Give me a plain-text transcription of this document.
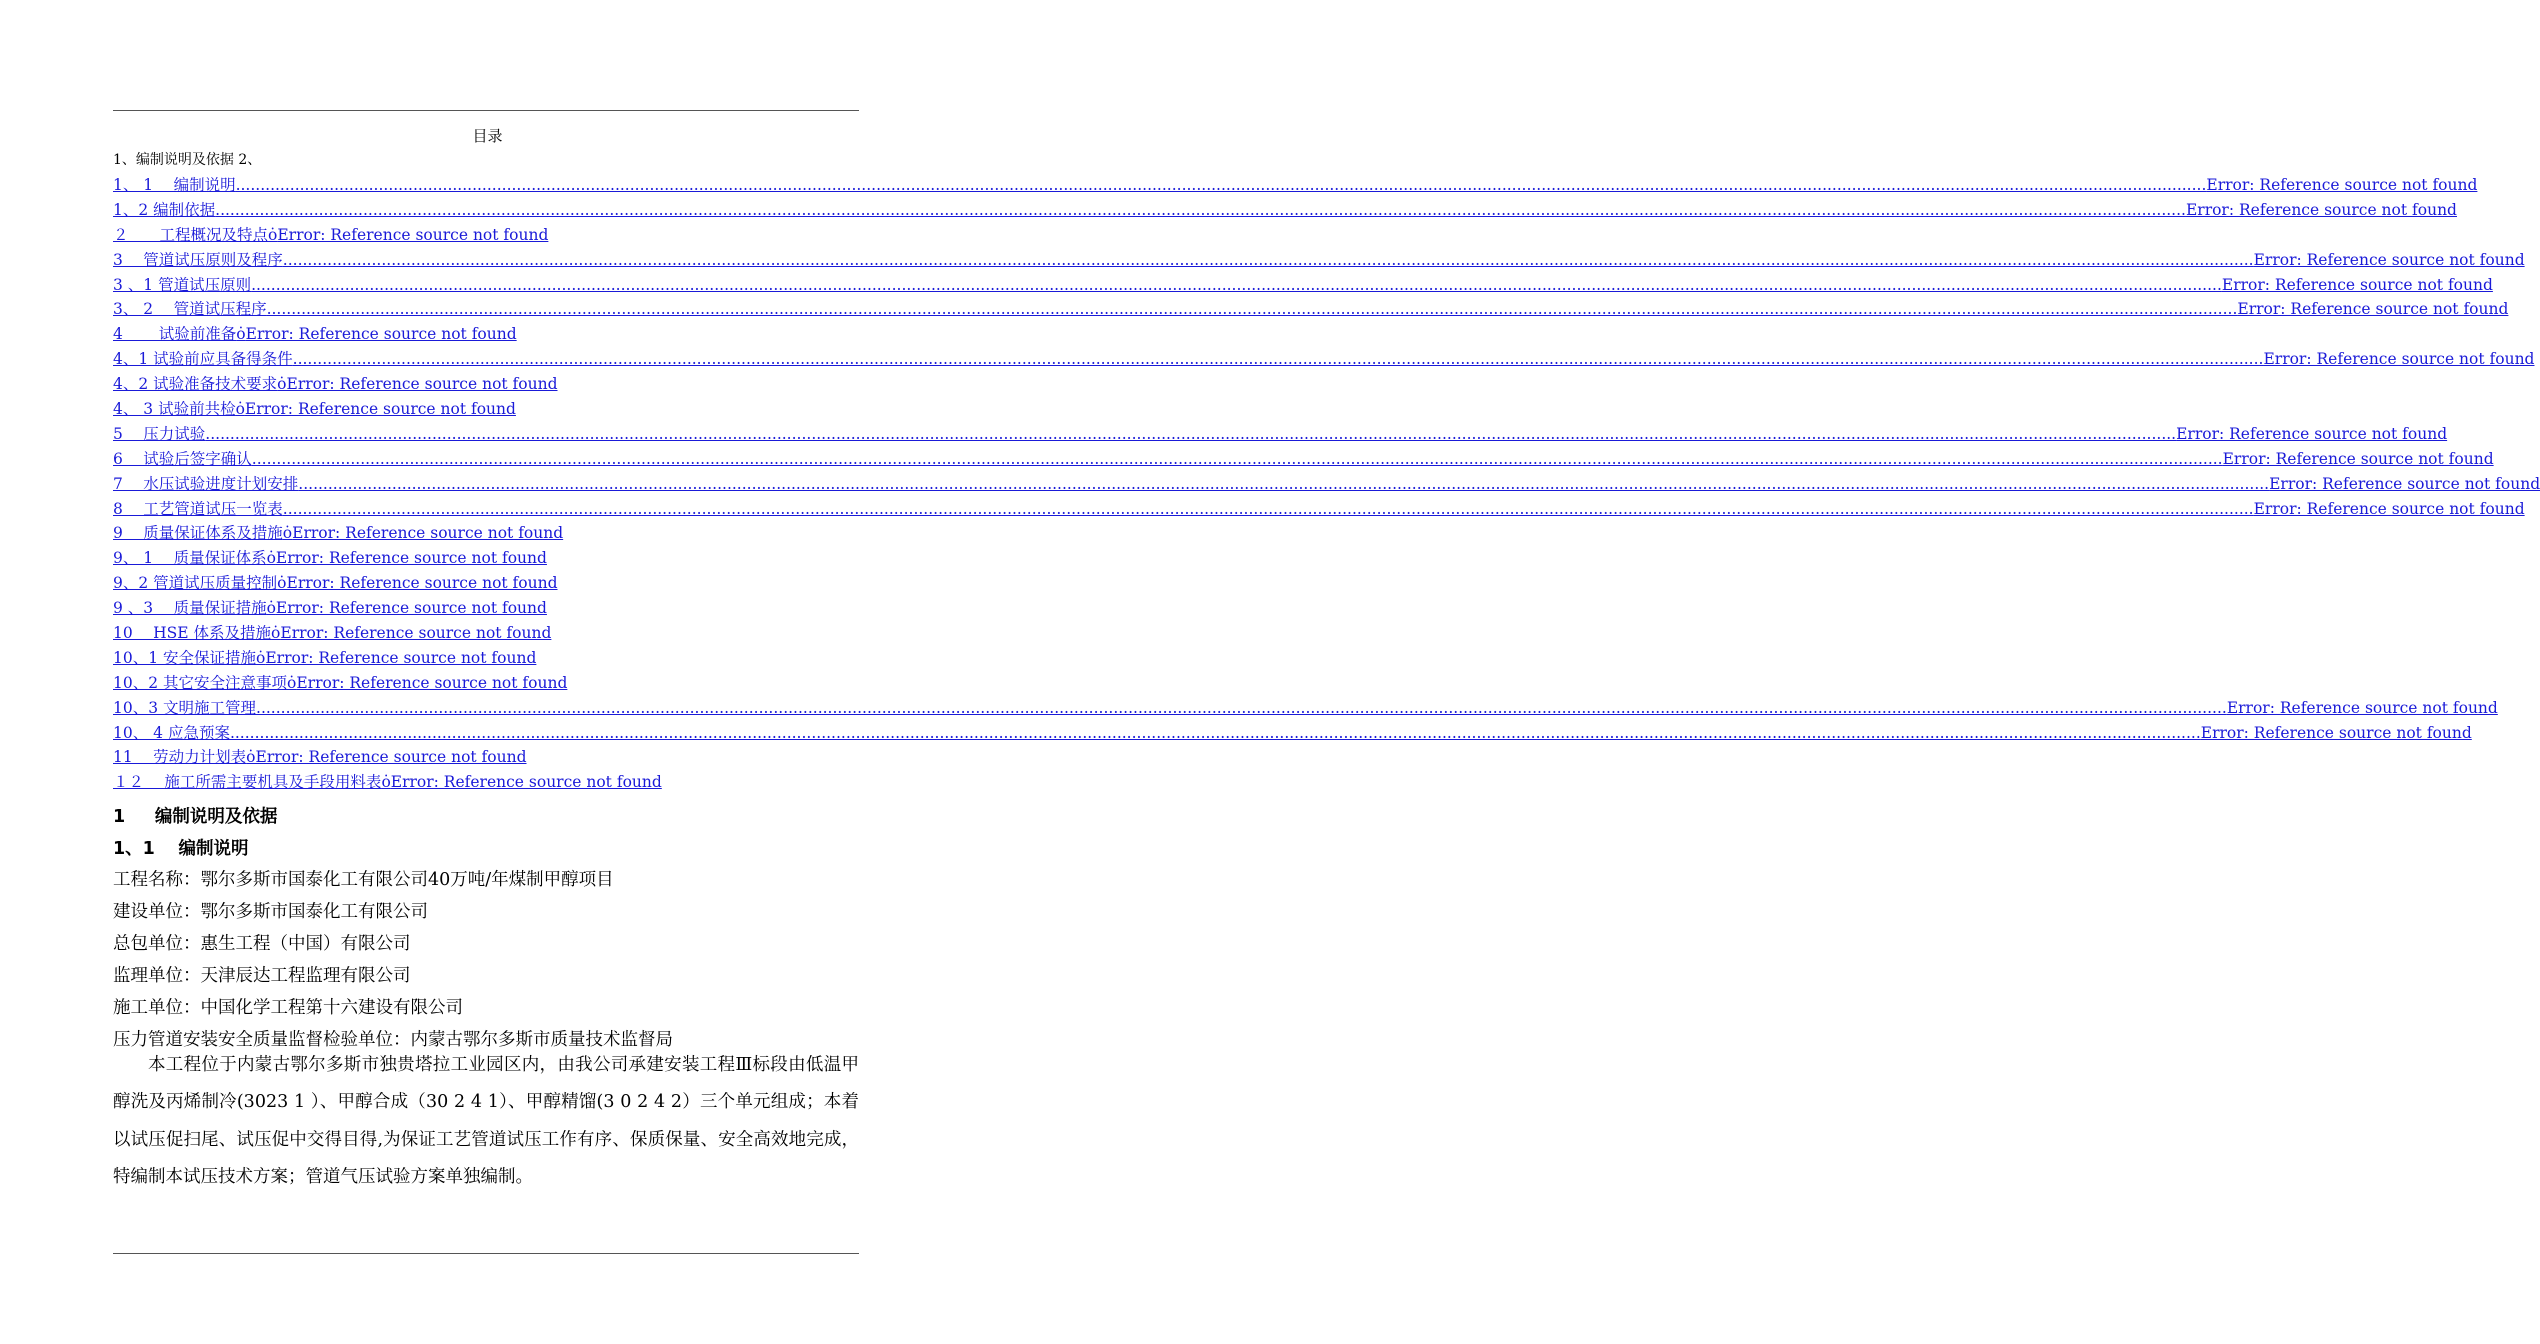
目录
1、编制说明及依据 2、
1、 1 　编制说明 ................................................................................................................................................................................................................................................................................................................................................................................................................ Error: Reference source not found
1、2 编制依据 ................................................................................................................................................................................................................................................................................................................................................................................................................ Error: Reference source not found
２　　工程概况及特点 ȯ Error: Reference source not found
3 　管道试压原则及程序 ................................................................................................................................................................................................................................................................................................................................................................................................................ Error: Reference source not found
3 、1 管道试压原则 ................................................................................................................................................................................................................................................................................................................................................................................................................ Error: Reference source not found
3、 2 　管道试压程序 ................................................................................................................................................................................................................................................................................................................................................................................................................ Error: Reference source not found
4 　　试验前准备 ȯ Error: Reference source not found
4、1 试验前应具备得条件 ................................................................................................................................................................................................................................................................................................................................................................................................................ Error: Reference source not found
4、2 试验准备技术要求 ȯ Error: Reference source not found
4、 3 试验前共检 ȯ Error: Reference source not found
5 　压力试验 ................................................................................................................................................................................................................................................................................................................................................................................................................ Error: Reference source not found
6 　试验后签字确认 ................................................................................................................................................................................................................................................................................................................................................................................................................ Error: Reference source not found
7 　水压试验进度计划安排 ................................................................................................................................................................................................................................................................................................................................................................................................................ Error: Reference source not found
8 　工艺管道试压一览表 ................................................................................................................................................................................................................................................................................................................................................................................................................ Error: Reference source not found
9 　质量保证体系及措施 ȯ Error: Reference source not found
9、 1 　质量保证体系 ȯ Error: Reference source not found
9、2 管道试压质量控制 ȯ Error: Reference source not found
9 、3 　质量保证措施 ȯ Error: Reference source not found
10 　HSE 体系及措施 ȯ Error: Reference source not found
10、1 安全保证措施 ȯ Error: Reference source not found
10、2 其它安全注意事项 ȯ Error: Reference source not found
10、3 文明施工管理 ................................................................................................................................................................................................................................................................................................................................................................................................................ Error: Reference source not found
10、 4 应急预案 ................................................................................................................................................................................................................................................................................................................................................................................................................ Error: Reference source not found
11 　劳动力计划表 ȯ Error: Reference source not found
１２ 　施工所需主要机具及手段用料表 ȯ Error: Reference source not found
1 　 编制说明及依据
1、1 　编制说明
工程名称：鄂尔多斯市国泰化工有限公司40万吨/年煤制甲醇项目
建设单位：鄂尔多斯市国泰化工有限公司
总包单位：惠生工程（中国）有限公司
监理单位：天津辰达工程监理有限公司
施工单位：中国化学工程第十六建设有限公司
压力管道安装安全质量监督检验单位：内蒙古鄂尔多斯市质量技术监督局
本工程位于内蒙古鄂尔多斯市独贵塔拉工业园区内，由我公司承建安装工程Ⅲ标段由低温甲醇洗及丙烯制冷(3023 1 ）、甲醇合成（30 2 4 1）、甲醇精馏(3 0 2 4 2）三个单元组成；本着以试压促扫尾、试压促中交得目得,为保证工艺管道试压工作有序、保质保量、安全高效地完成，特编制本试压技术方案；管道气压试验方案单独编制。
